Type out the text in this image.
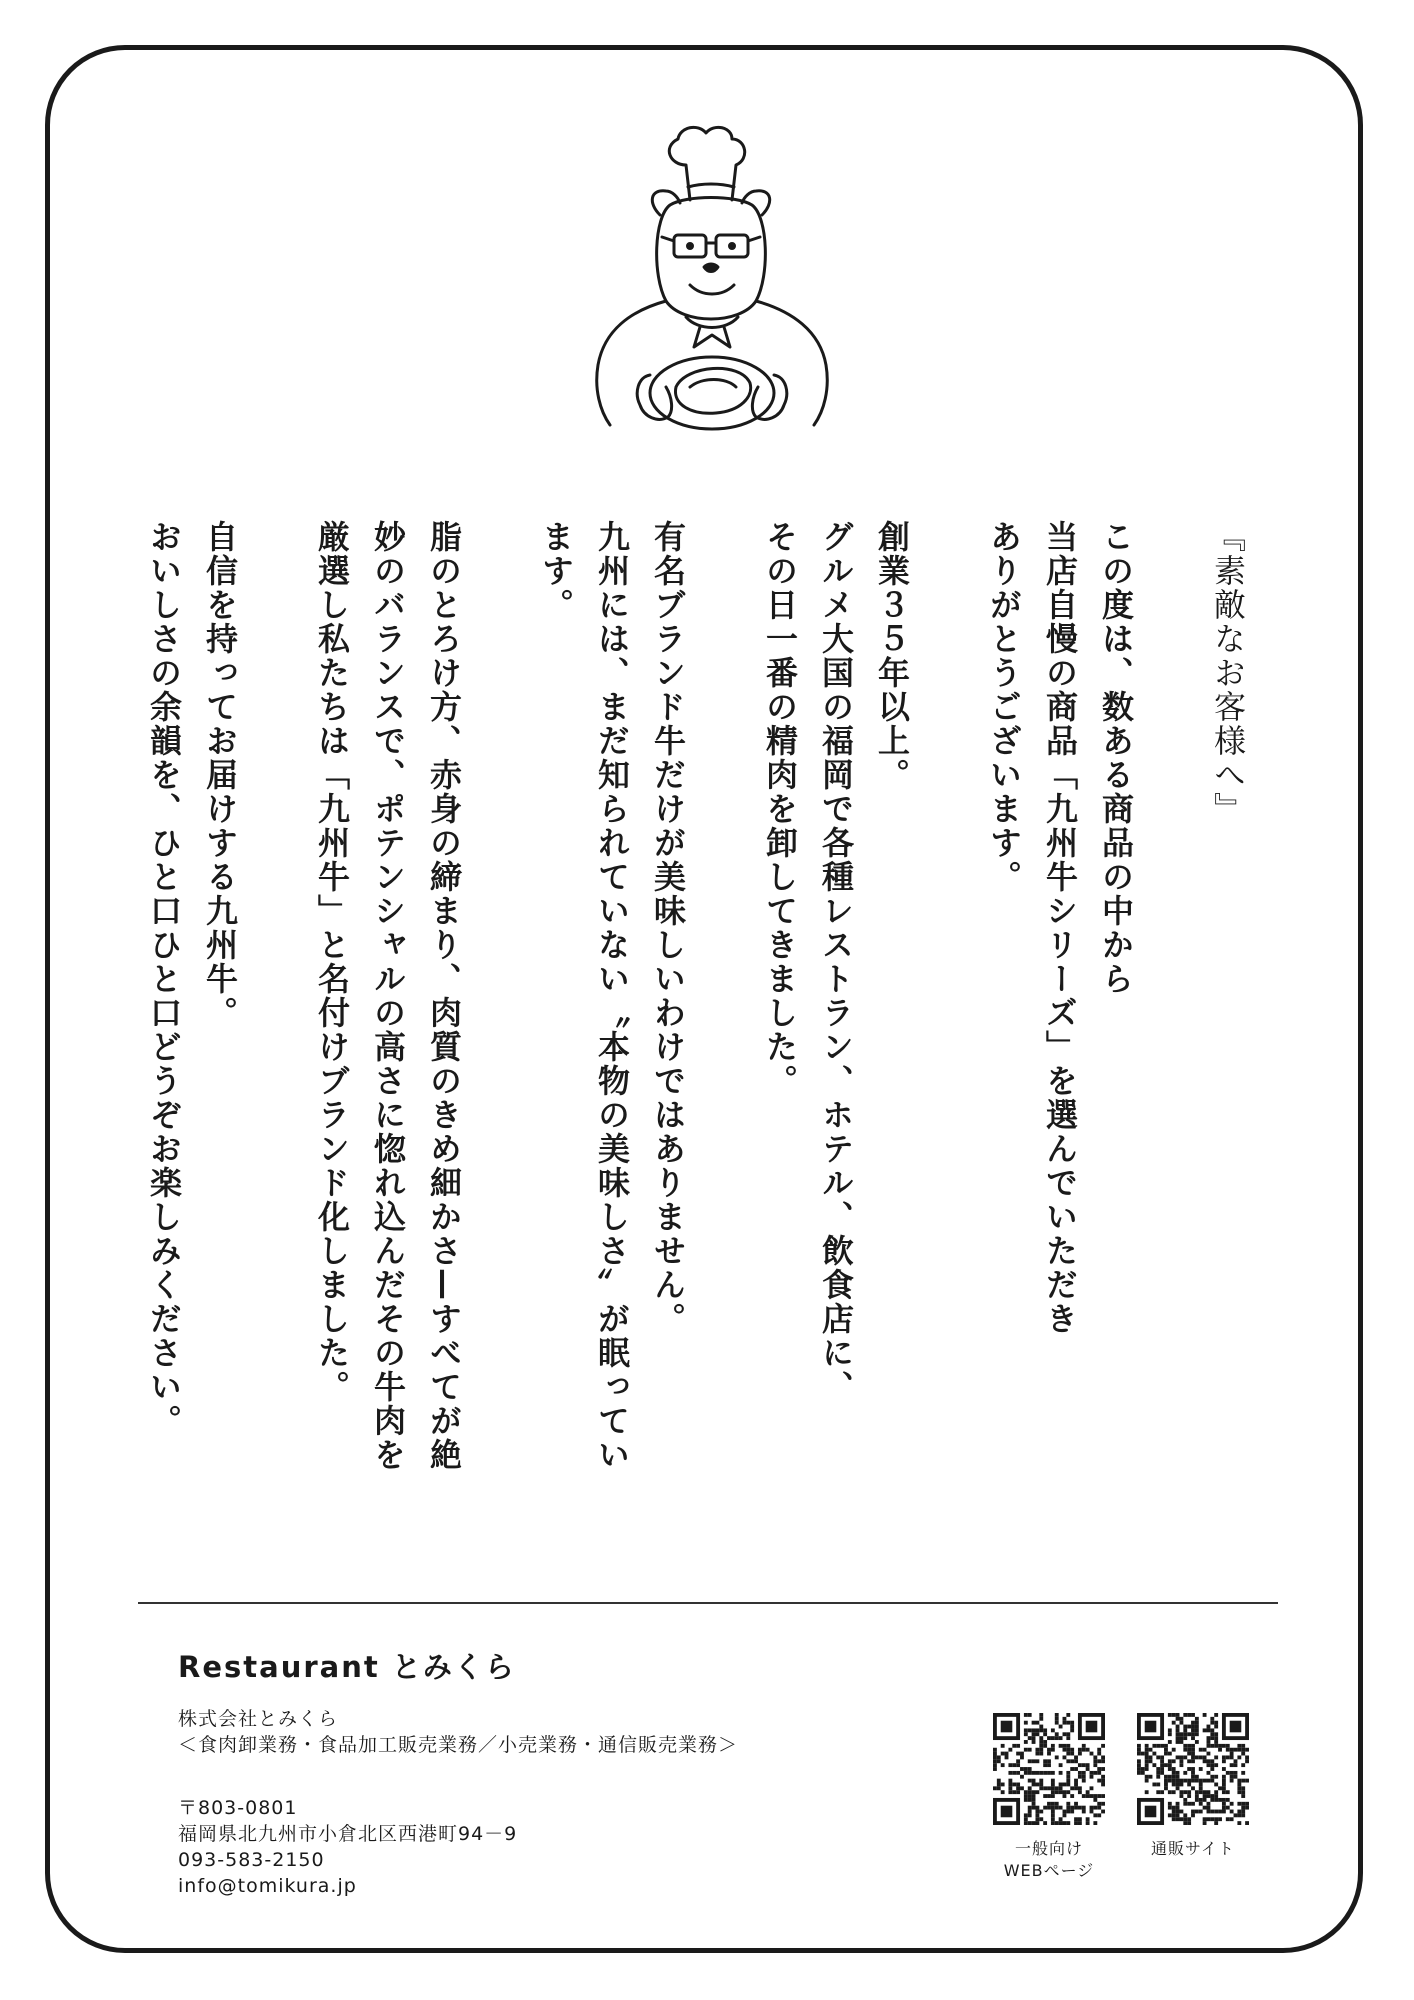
『素敵なお客様へ』
この度は、数ある商品の中から
当店自慢の商品「九州牛シリーズ」を選んでいただき
ありがとうございます。
創業３５年以上。
グルメ大国の福岡で各種レストラン、ホテル、飲食店に、
その日一番の精肉を卸してきました。
有名ブランド牛だけが美味しいわけではありません。
九州には、まだ知られていない〝本物の美味しさ〟が眠ってい
ます。
脂のとろけ方、赤身の締まり、肉質のきめ細かさ—すべてが絶
妙のバランスで、ポテンシャルの高さに惚れ込んだその牛肉を
厳選し私たちは「九州牛」と名付けブランド化しました。
自信を持ってお届けする九州牛。
おいしさの余韻を、ひと口ひと口どうぞお楽しみください。
Restaurant とみくら
株式会社とみくら
＜食肉卸業務・食品加工販売業務／小売業務・通信販売業務＞
〒803-0801
福岡県北九州市小倉北区西港町94－9
093-583-2150
info@tomikura.jp
一般向け
WEBページ
通販サイト
